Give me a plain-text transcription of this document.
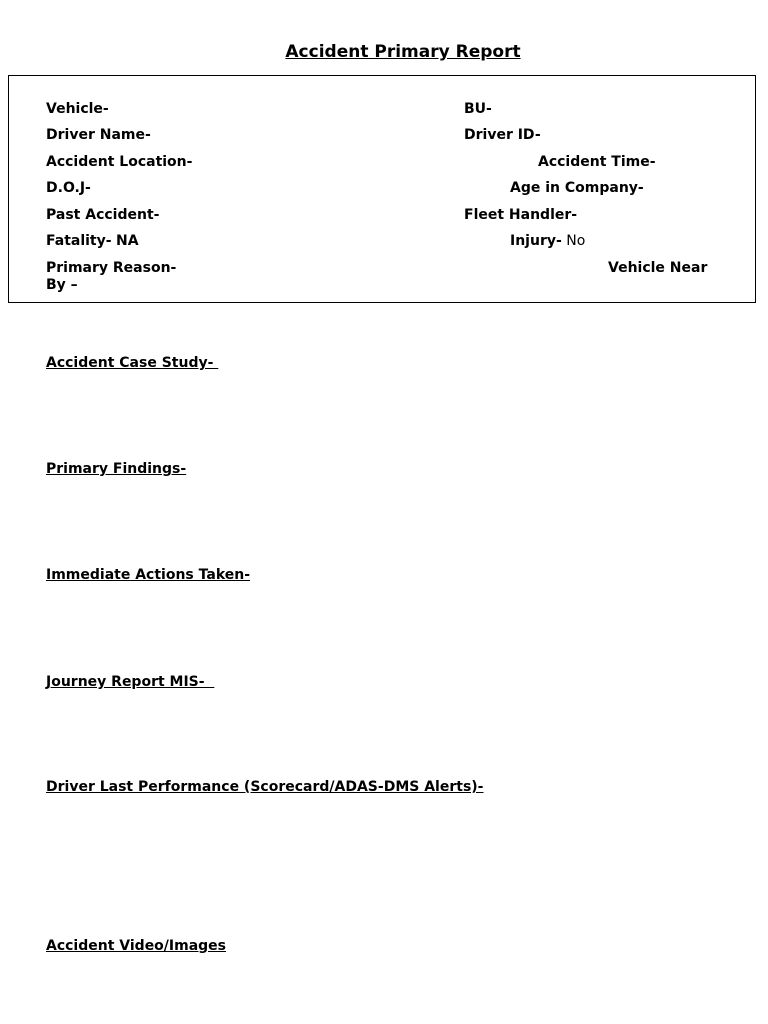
Accident Primary Report
Vehicle-	BU-
Driver Name-	Driver ID-
Accident Location-	Accident Time-
D.O.J-	Age in Company-
Past Accident-	Fleet Handler-
Fatality- NA	Injury- No
Primary Reason-	Vehicle Near
By –
Accident Case Study-
Primary Findings-
Immediate Actions Taken-
Journey Report MIS-
Driver Last Performance (Scorecard/ADAS-DMS Alerts)-
Accident Video/Images
